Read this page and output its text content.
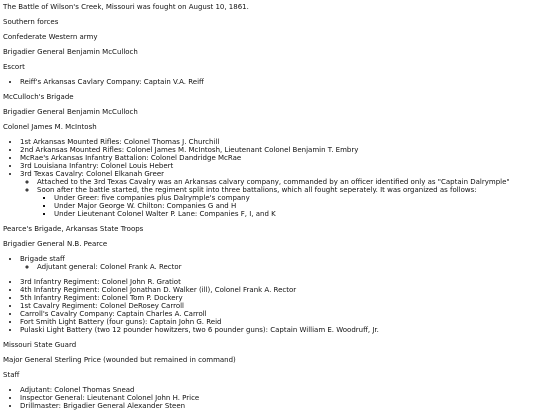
The Battle of Wilson's Creek, Missouri was fought on August 10, 1861.

Southern forces

Confederate Western army

Brigadier General Benjamin McCulloch

Escort

• Reiff's Arkansas Cavlary Company: Captain V.A. Reiff

McCulloch's Brigade

Brigadier General Benjamin McCulloch

Colonel James M. McIntosh

• 1st Arkansas Mounted Rifles: Colonel Thomas J. Churchill
• 2nd Arkansas Mounted Rifles: Colonel James M. McIntosh, Lieutenant Colonel Benjamin T. Embry
• McRae's Arkansas Infantry Battalion: Colonel Dandridge McRae
• 3rd Louisiana Infantry: Colonel Louis Hebert
• 3rd Texas Cavalry: Colonel Elkanah Greer
◦ Attached to the 3rd Texas Cavalry was an Arkansas calvary company, commanded by an officer identified only as "Captain Dalrymple"
◦ Soon after the battle started, the regiment split into three battalions, which all fought seperately. It was organized as follows:
▪ Under Greer: five companies plus Dalrymple's company
▪ Under Major George W. Chilton: Companies G and H
▪ Under Lieutenant Colonel Walter P. Lane: Companies F, I, and K

Pearce's Brigade, Arkansas State Troops

Brigadier General N.B. Pearce

• Brigade staff
◦ Adjutant general: Colonel Frank A. Rector
• 3rd Infantry Regiment: Colonel John R. Gratiot
• 4th Infantry Regiment: Colonel Jonathan D. Walker (ill), Colonel Frank A. Rector
• 5th Infantry Regiment: Colonel Tom P. Dockery
• 1st Cavalry Regiment: Colonel DeRosey Carroll
• Carroll's Cavalry Company: Captain Charles A. Carroll
• Fort Smith Light Battery (four guns): Captain John G. Reid
• Pulaski Light Battery (two 12 pounder howitzers, two 6 pounder guns): Captain William E. Woodruff, Jr.

Missouri State Guard

Major General Sterling Price (wounded but remained in command)

Staff

• Adjutant: Colonel Thomas Snead
• Inspector General: Lieutenant Colonel John H. Price
• Drillmaster: Brigadier General Alexander Steen
